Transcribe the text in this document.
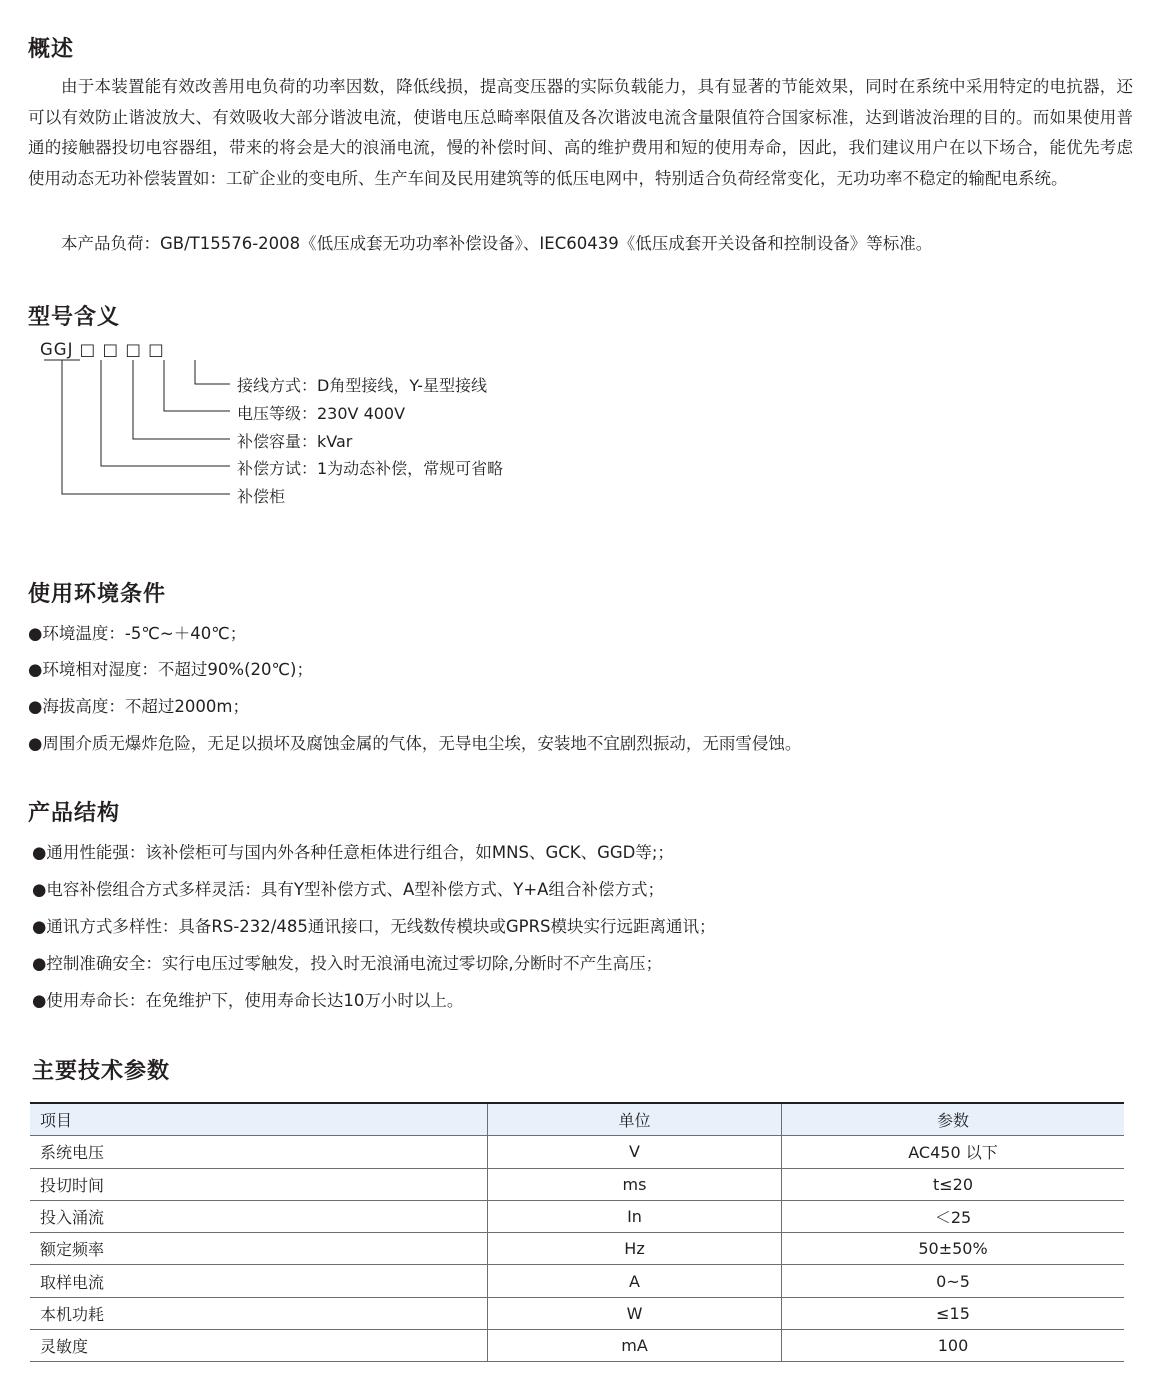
概述

由于本装置能有效改善用电负荷的功率因数，降低线损，提高变压器的实际负载能力，具有显著的节能效果，同时在系统中采用特定的电抗器，还可以有效防止谐波放大、有效吸收大部分谐波电流，使谐电压总畸率限值及各次谐波电流含量限值符合国家标准，达到谐波治理的目的。而如果使用普通的接触器投切电容器组，带来的将会是大的浪涌电流，慢的补偿时间、高的维护费用和短的使用寿命，因此，我们建议用户在以下场合，能优先考虑使用动态无功补偿装置如：工矿企业的变电所、生产车间及民用建筑等的低压电网中，特别适合负荷经常变化，无功功率不稳定的输配电系统。

本产品负荷：GB/T15576-2008《低压成套无功功率补偿设备》、IEC60439《低压成套开关设备和控制设备》等标准。

型号含义
GGJ □ □ □ □
接线方式：D角型接线，Y-星型接线
电压等级：230V 400V
补偿容量：kVar
补偿方试：1为动态补偿，常规可省略
补偿柜
使用环境条件
●环境温度：-5℃~＋40℃；
●环境相对湿度：不超过90%(20℃)；
●海拔高度：不超过2000m；
●周围介质无爆炸危险，无足以损坏及腐蚀金属的气体，无导电尘埃，安装地不宜剧烈振动，无雨雪侵蚀。
产品结构
●通用性能强：该补偿柜可与国内外各种任意柜体进行组合，如MNS、GCK、GGD等;；
●电容补偿组合方式多样灵活：具有Y型补偿方式、A型补偿方式、Y+A组合补偿方式；
●通讯方式多样性：具备RS-232/485通讯接口，无线数传模块或GPRS模块实行远距离通讯；
●控制准确安全：实行电压过零触发，投入时无浪涌电流过零切除,分断时不产生高压；
●使用寿命长：在免维护下，使用寿命长达10万小时以上。
主要技术参数
项目	单位	参数
系统电压	V	AC450 以下
投切时间	ms	t≤20
投入涌流	In	＜25
额定频率	Hz	50±50%
取样电流	A	0~5
本机功耗	W	≤15
灵敏度	mA	100
